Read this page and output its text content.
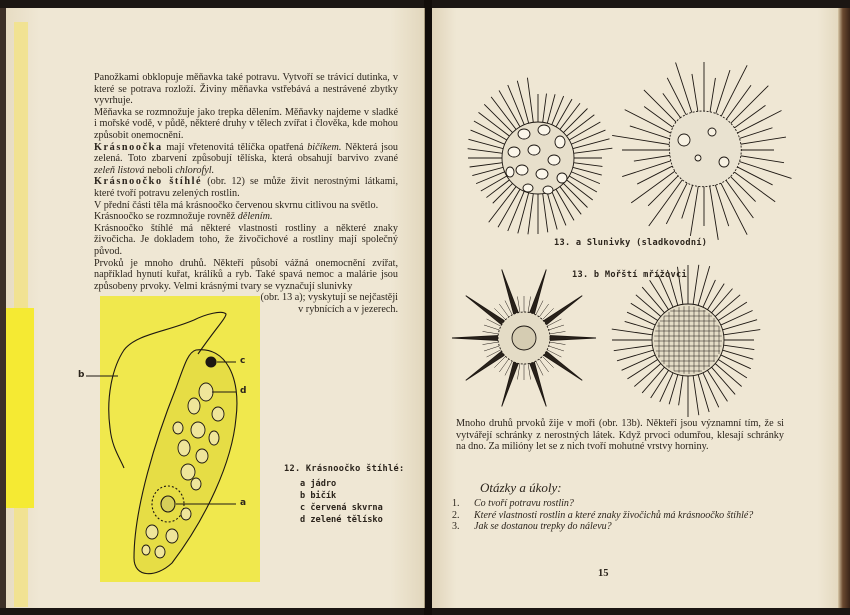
Panožkami obklopuje měňavka také potravu. Vytvoří se trávicí dutinka, v které se potrava rozloží. Živiny měňavka vstřebává a nestrávené zbytky vyvrhuje.

Měňavka se rozmnožuje jako trepka dělením. Měňavky najdeme v sladké i mořské vodě, v půdě, některé druhy v tělech zvířat i člověka, kde mohou způsobit onemocnění.

Krásnoočka mají vřetenovitá tělíčka opatřená bičíkem. Některá jsou zelená. Toto zbarvení způsobují tělíska, která obsahují barvivo zvané zeleň listová neboli chlorofyl.

Krásnoočko štíhlé (obr. 12) se může živit nerostnými látkami, které tvoří potravu zelených rostlin.

V přední části těla má krásnoočko červenou skvrnu citlivou na světlo.

Krásnoočko se rozmnožuje rovněž dělením.

Krásnoočko štíhlé má některé vlastnosti rostliny a některé znaky živočicha. Je dokladem toho, že živočichové a rostliny mají společný původ.

Prvoků je mnoho druhů. Někteří působí vážná onemocnění zvířat, například hynutí kuřat, králíků a ryb. Také spavá nemoc a malárie jsou způsobeny prvoky. Velmi krásnými tvary se vyznačují slunivky

(obr. 13 a); vyskytují se nejčastěji

v rybnících a v jezerech.

c
d
b
a
12. Krásnoočko štíhlé:
a jádro
b bičík
c červená skvrna
d zelené tělísko
13. a Slunivky (sladkovodní)
13. b Mořští mřížovci
Mnoho druhů prvoků žije v moři (obr. 13b). Někteří jsou významní tím, že si vytvářejí schránky z nerostných látek. Když prvoci odumřou, klesají schránky na dno. Za milióny let se z nich tvoří mohutné vrstvy horniny.
Otázky a úkoly:
1. Co tvoří potravu rostlin?
2. Které vlastnosti rostlin a které znaky živočichů má krásnoočko štíhlé?
3. Jak se dostanou trepky do nálevu?
15
